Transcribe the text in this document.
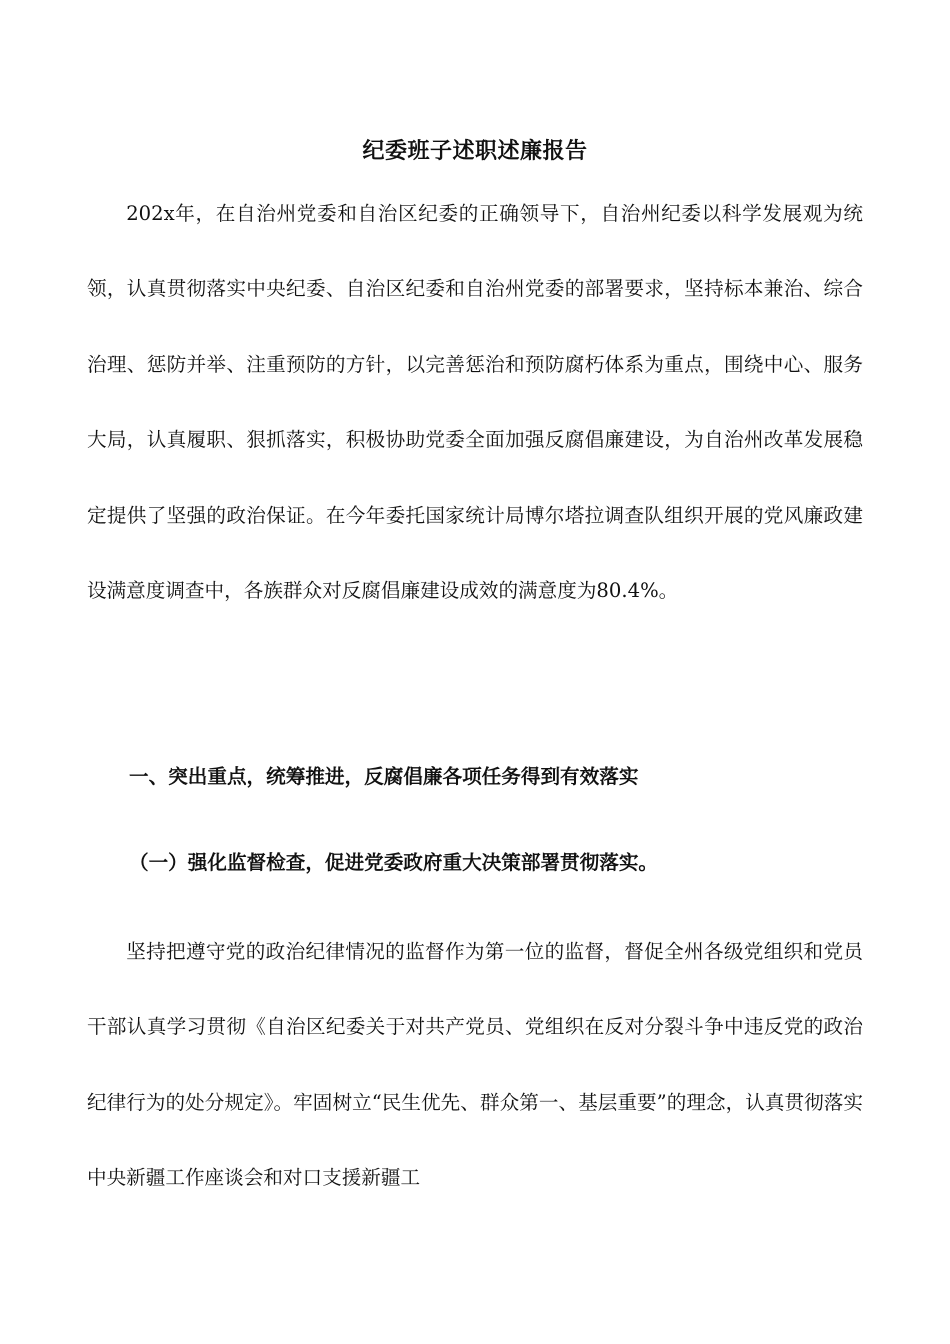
纪委班子述职述廉报告
202x年，在自治州党委和自治区纪委的正确领导下，自治州纪委以科学发展观为统领，认真贯彻落实中央纪委、自治区纪委和自治州党委的部署要求，坚持标本兼治、综合治理、惩防并举、注重预防的方针，以完善惩治和预防腐朽体系为重点，围绕中心、服务大局，认真履职、狠抓落实，积极协助党委全面加强反腐倡廉建设，为自治州改革发展稳定提供了坚强的政治保证。在今年委托国家统计局博尔塔拉调查队组织开展的党风廉政建设满意度调查中，各族群众对反腐倡廉建设成效的满意度为80.4%。
一、突出重点，统筹推进，反腐倡廉各项任务得到有效落实
（一）强化监督检查，促进党委政府重大决策部署贯彻落实。
坚持把遵守党的政治纪律情况的监督作为第一位的监督，督促全州各级党组织和党员干部认真学习贯彻《自治区纪委关于对共产党员、党组织在反对分裂斗争中违反党的政治纪律行为的处分规定》。牢固树立“民生优先、群众第一、基层重要”的理念，认真贯彻落实中央新疆工作座谈会和对口支援新疆工
